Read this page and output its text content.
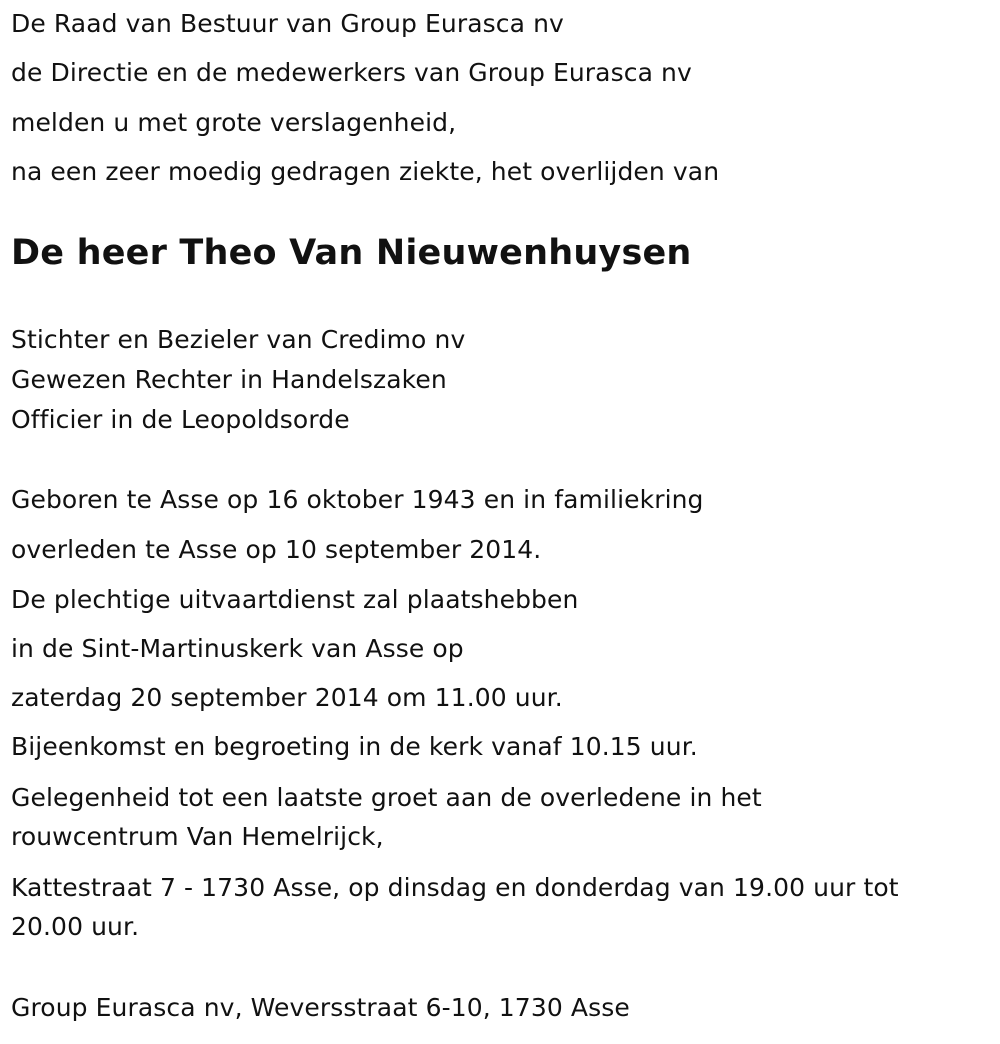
De Raad van Bestuur van Group Eurasca nv
de Directie en de medewerkers van Group Eurasca nv
melden u met grote verslagenheid,
na een zeer moedig gedragen ziekte, het overlijden van
De heer Theo Van Nieuwenhuysen
Stichter en Bezieler van Credimo nv
Gewezen Rechter in Handelszaken
Officier in de Leopoldsorde
Geboren te Asse op 16 oktober 1943 en in familiekring
overleden te Asse op 10 september 2014.
De plechtige uitvaartdienst zal plaatshebben
in de Sint-Martinuskerk van Asse op
zaterdag 20 september 2014 om 11.00 uur.
Bijeenkomst en begroeting in de kerk vanaf 10.15 uur.
Gelegenheid tot een laatste groet aan de overledene in het
rouwcentrum Van Hemelrijck,
Kattestraat 7 - 1730 Asse, op dinsdag en donderdag van 19.00 uur tot
20.00 uur.
Group Eurasca nv, Weversstraat 6-10, 1730 Asse
